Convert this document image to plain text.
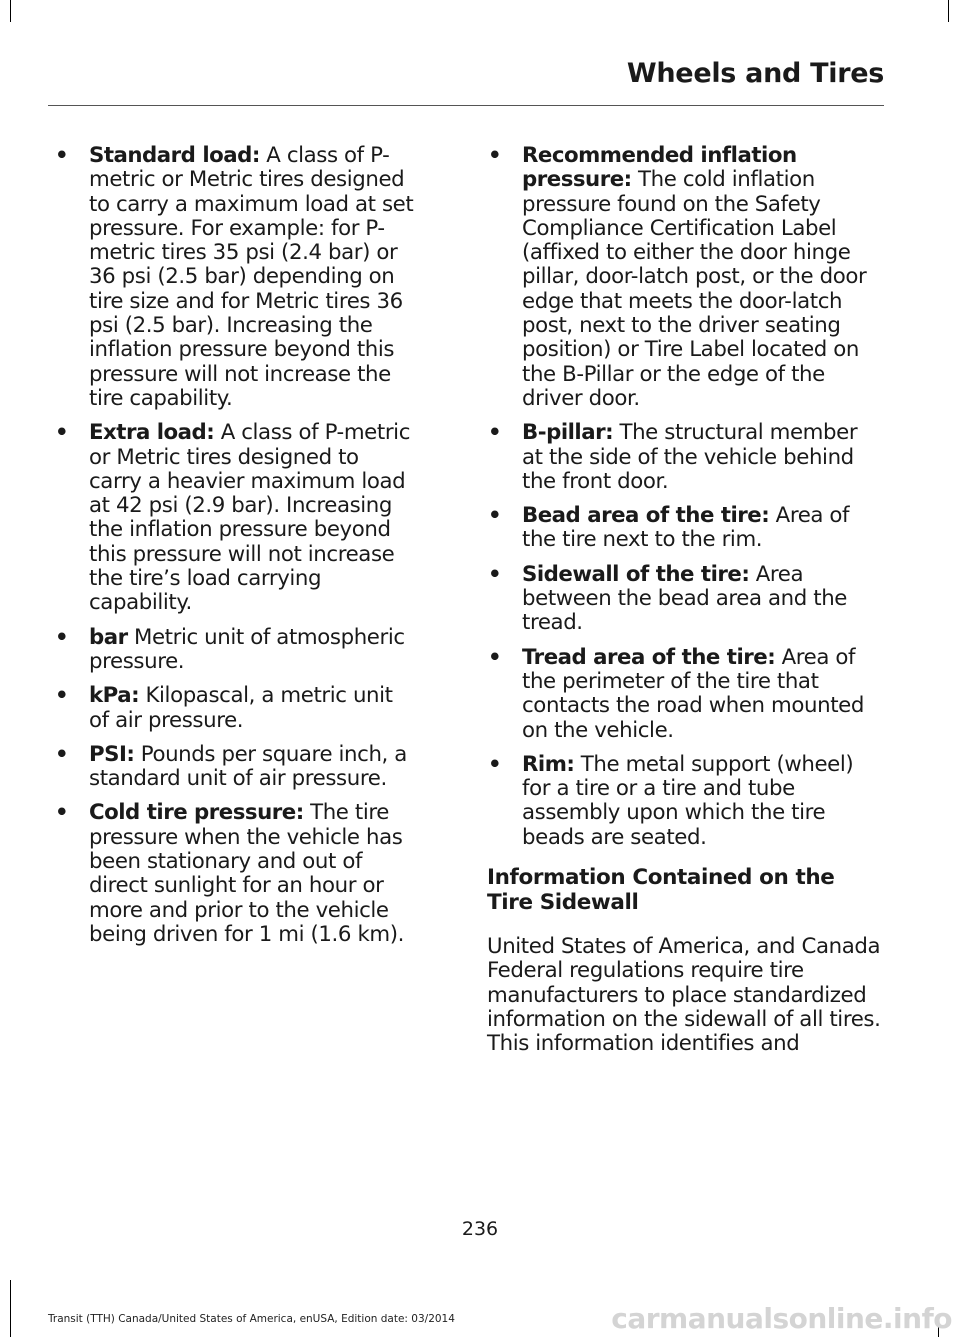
Wheels and Tires
• Standard load: A class of P-metric or Metric tires designed to carry a maximum load at set pressure. For example: for P-metric tires 35 psi (2.4 bar) or 36 psi (2.5 bar) depending on tire size and for Metric tires 36 psi (2.5 bar). Increasing the inflation pressure beyond this pressure will not increase the tire capability.
• Extra load: A class of P-metric or Metric tires designed to carry a heavier maximum load at 42 psi (2.9 bar). Increasing the inflation pressure beyond this pressure will not increase the tire’s load carrying capability.
• bar Metric unit of atmospheric pressure.
• kPa: Kilopascal, a metric unit of air pressure.
• PSI: Pounds per square inch, a standard unit of air pressure.
• Cold tire pressure: The tire pressure when the vehicle has been stationary and out of direct sunlight for an hour or more and prior to the vehicle being driven for 1 mi (1.6 km).
• Recommended inflation pressure: The cold inflation pressure found on the Safety Compliance Certification Label (affixed to either the door hinge pillar, door-latch post, or the door edge that meets the door-latch post, next to the driver seating position) or Tire Label located on the B-Pillar or the edge of the driver door.
• B-pillar: The structural member at the side of the vehicle behind the front door.
• Bead area of the tire: Area of the tire next to the rim.
• Sidewall of the tire: Area between the bead area and the tread.
• Tread area of the tire: Area of the perimeter of the tire that contacts the road when mounted on the vehicle.
• Rim: The metal support (wheel) for a tire or a tire and tube assembly upon which the tire beads are seated.
Information Contained on the Tire Sidewall
United States of America, and Canada Federal regulations require tire manufacturers to place standardized information on the sidewall of all tires. This information identifies and
236
Transit (TTH) Canada/United States of America, enUSA, Edition date: 03/2014	carmanualsonline.info
